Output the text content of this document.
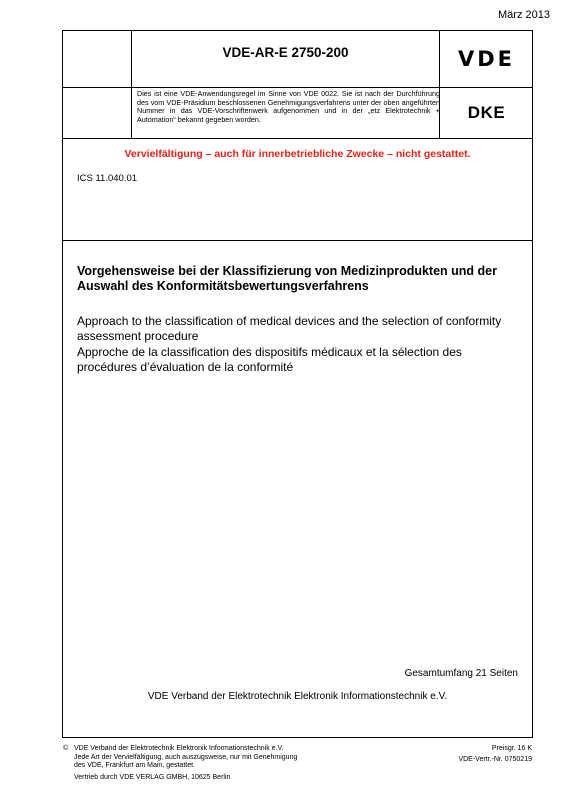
März 2013
VDE-AR-E 2750-200	VDE
Dies ist eine VDE-Anwendungsregel im Sinne von VDE 0022. Sie ist nach der Durchführung des vom VDE-Präsidium beschlossenen Genehmigungsverfahrens unter der oben angeführten Nummer in das VDE-Vorschriftenwerk aufgenommen und in der „etz Elektrotechnik + Automation“ bekannt gegeben worden.	DKE
Vervielfältigung – auch für innerbetriebliche Zwecke – nicht gestattet.
ICS 11.040.01
Vorgehensweise bei der Klassifizierung von Medizinprodukten und der Auswahl des Konformitätsbewertungsverfahrens
Approach to the classification of medical devices and the selection of conformity assessment procedure
Approche de la classification des dispositifs médicaux et la sélection des procédures d’évaluation de la conformité
Gesamtumfang 21 Seiten
VDE Verband der Elektrotechnik Elektronik Informationstechnik e.V.
© VDE Verband der Elektrotechnik Elektronik Informationstechnik e.V.
Jede Art der Vervielfältigung, auch auszugsweise, nur mit Genehmigung
des VDE, Frankfurt am Main, gestattet.
Vertrieb durch VDE VERLAG GMBH, 10625 Berlin
Preisgr. 16 K
VDE-Vertr.-Nr. 0750219
